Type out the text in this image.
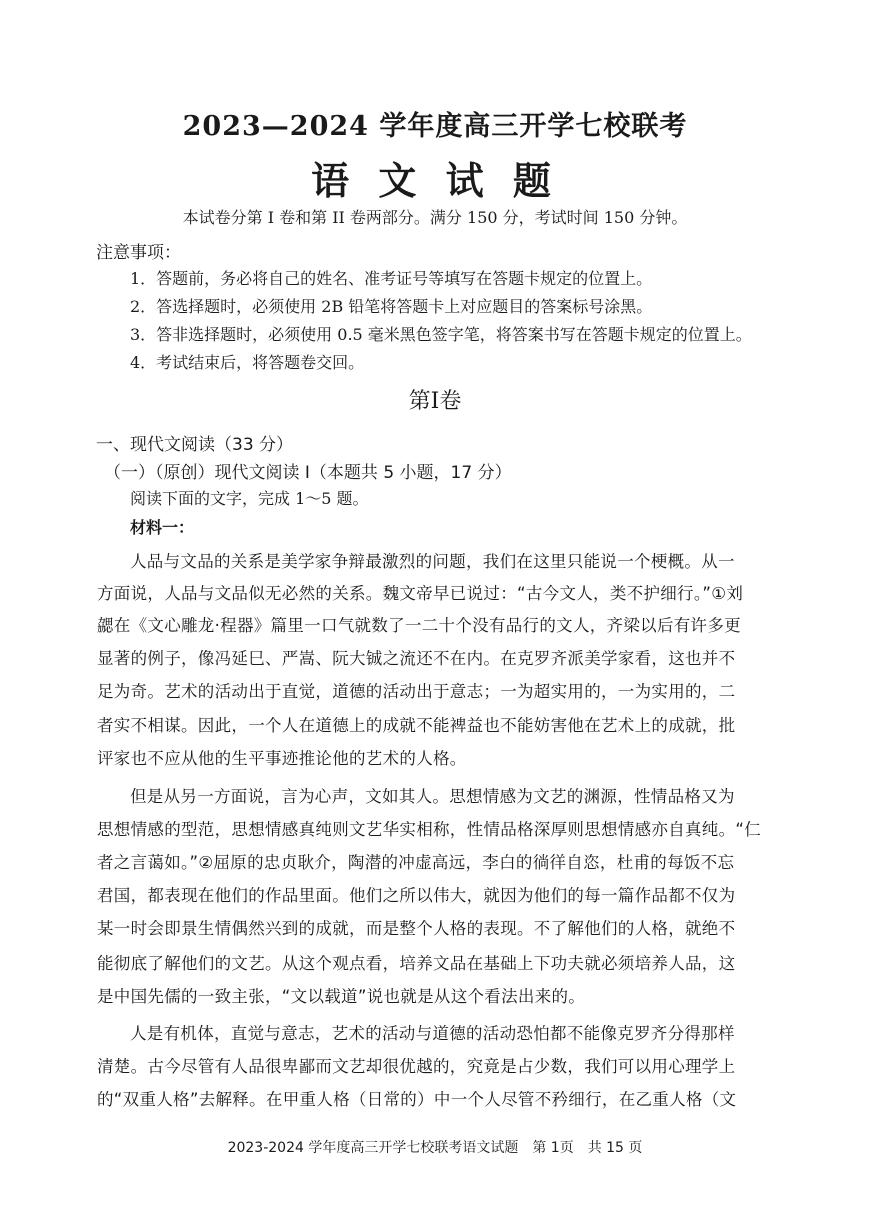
2023—2024 学年度高三开学七校联考
语 文 试 题
本试卷分第 I 卷和第 II 卷两部分。满分 150 分，考试时间 150 分钟。
注意事项：
1．答题前，务必将自己的姓名、准考证号等填写在答题卡规定的位置上。
2．答选择题时，必须使用 2B 铅笔将答题卡上对应题目的答案标号涂黑。
3．答非选择题时，必须使用 0.5 毫米黑色签字笔，将答案书写在答题卡规定的位置上。
4．考试结束后，将答题卷交回。
第I卷
一、现代文阅读（33 分）
（一）（原创）现代文阅读 I（本题共 5 小题，17 分）
阅读下面的文字，完成 1～5 题。
材料一：
人品与文品的关系是美学家争辩最激烈的问题，我们在这里只能说一个梗概。从一
方面说，人品与文品似无必然的关系。魏文帝早已说过：“古今文人，类不护细行。”①刘
勰在《文心雕龙·程器》篇里一口气就数了一二十个没有品行的文人，齐梁以后有许多更
显著的例子，像冯延巳、严嵩、阮大铖之流还不在内。在克罗齐派美学家看，这也并不
足为奇。艺术的活动出于直觉，道德的活动出于意志；一为超实用的，一为实用的，二
者实不相谋。因此，一个人在道德上的成就不能裨益也不能妨害他在艺术上的成就，批
评家也不应从他的生平事迹推论他的艺术的人格。
但是从另一方面说，言为心声，文如其人。思想情感为文艺的渊源，性情品格又为
思想情感的型范，思想情感真纯则文艺华实相称，性情品格深厚则思想情感亦自真纯。“仁
者之言蔼如。”②屈原的忠贞耿介，陶潜的冲虚高远，李白的徜徉自恣，杜甫的每饭不忘
君国，都表现在他们的作品里面。他们之所以伟大，就因为他们的每一篇作品都不仅为
某一时会即景生情偶然兴到的成就，而是整个人格的表现。不了解他们的人格，就绝不
能彻底了解他们的文艺。从这个观点看，培养文品在基础上下功夫就必须培养人品，这
是中国先儒的一致主张，“文以载道”说也就是从这个看法出来的。
人是有机体，直觉与意志，艺术的活动与道德的活动恐怕都不能像克罗齐分得那样
清楚。古今尽管有人品很卑鄙而文艺却很优越的，究竟是占少数，我们可以用心理学上
的“双重人格”去解释。在甲重人格（日常的）中一个人尽管不矜细行，在乙重人格（文
2023-2024 学年度高三开学七校联考语文试题　第 1页　共 15 页
